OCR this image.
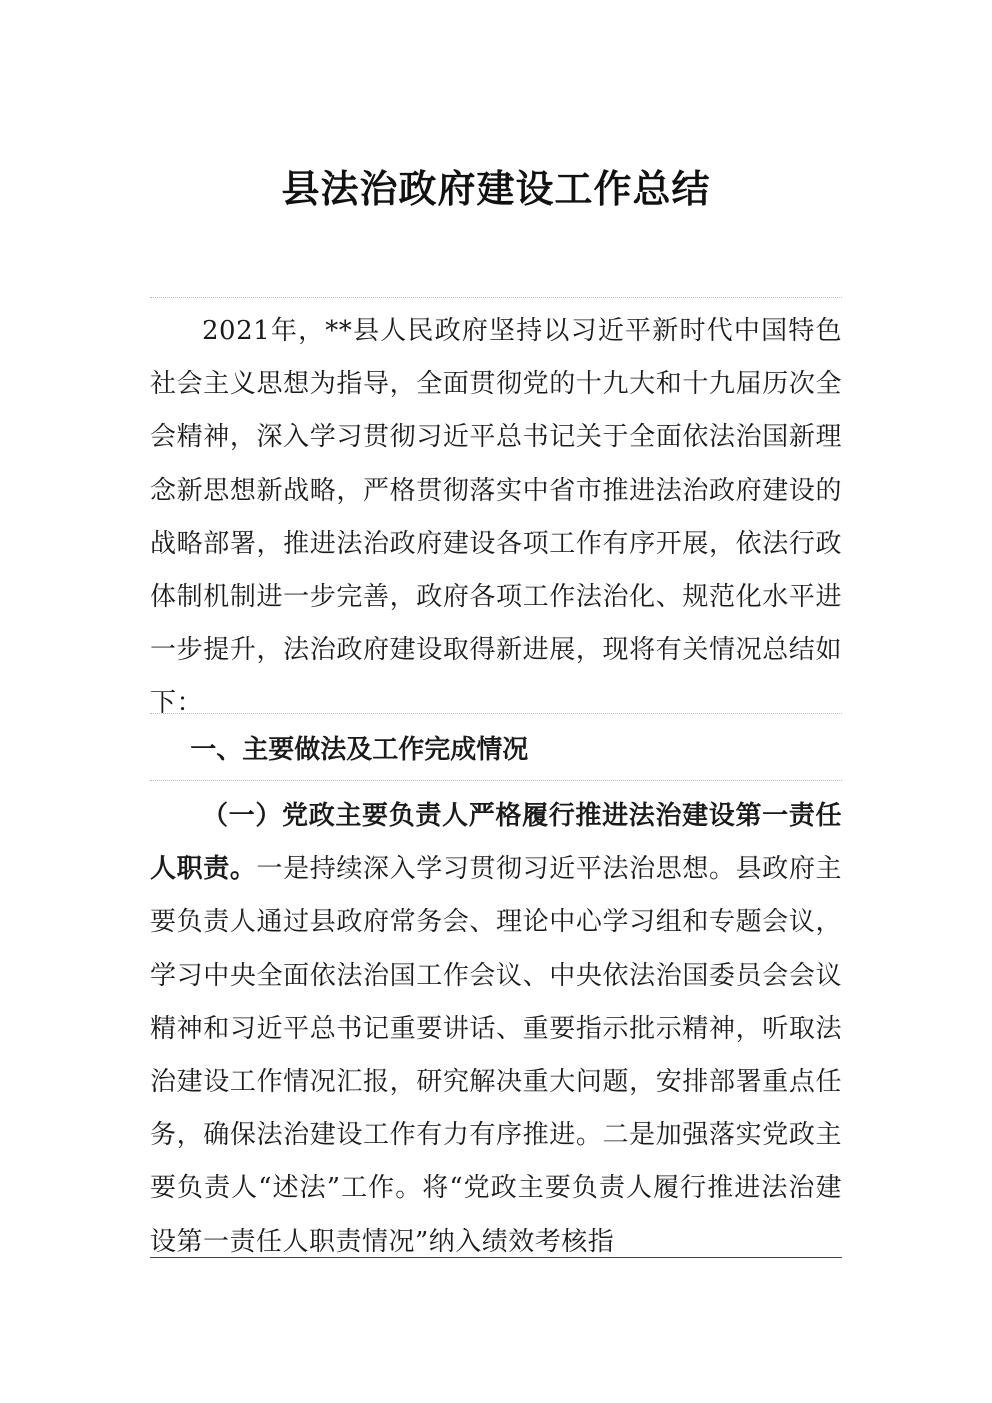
县法治政府建设工作总结

2021年，**县人民政府坚持以习近平新时代中国特色社会主义思想为指导，全面贯彻党的十九大和十九届历次全会精神，深入学习贯彻习近平总书记关于全面依法治国新理念新思想新战略，严格贯彻落实中省市推进法治政府建设的战略部署，推进法治政府建设各项工作有序开展，依法行政体制机制进一步完善，政府各项工作法治化、规范化水平进一步提升，法治政府建设取得新进展，现将有关情况总结如下：

一、主要做法及工作完成情况

（一）党政主要负责人严格履行推进法治建设第一责任人职责。一是持续深入学习贯彻习近平法治思想。县政府主要负责人通过县政府常务会、理论中心学习组和专题会议，学习中央全面依法治国工作会议、中央依法治国委员会会议精神和习近平总书记重要讲话、重要指示批示精神，听取法治建设工作情况汇报，研究解决重大问题，安排部署重点任务，确保法治建设工作有力有序推进。二是加强落实党政主要负责人“述法”工作。将“党政主要负责人履行推进法治建设第一责任人职责情况”纳入绩效考核指
